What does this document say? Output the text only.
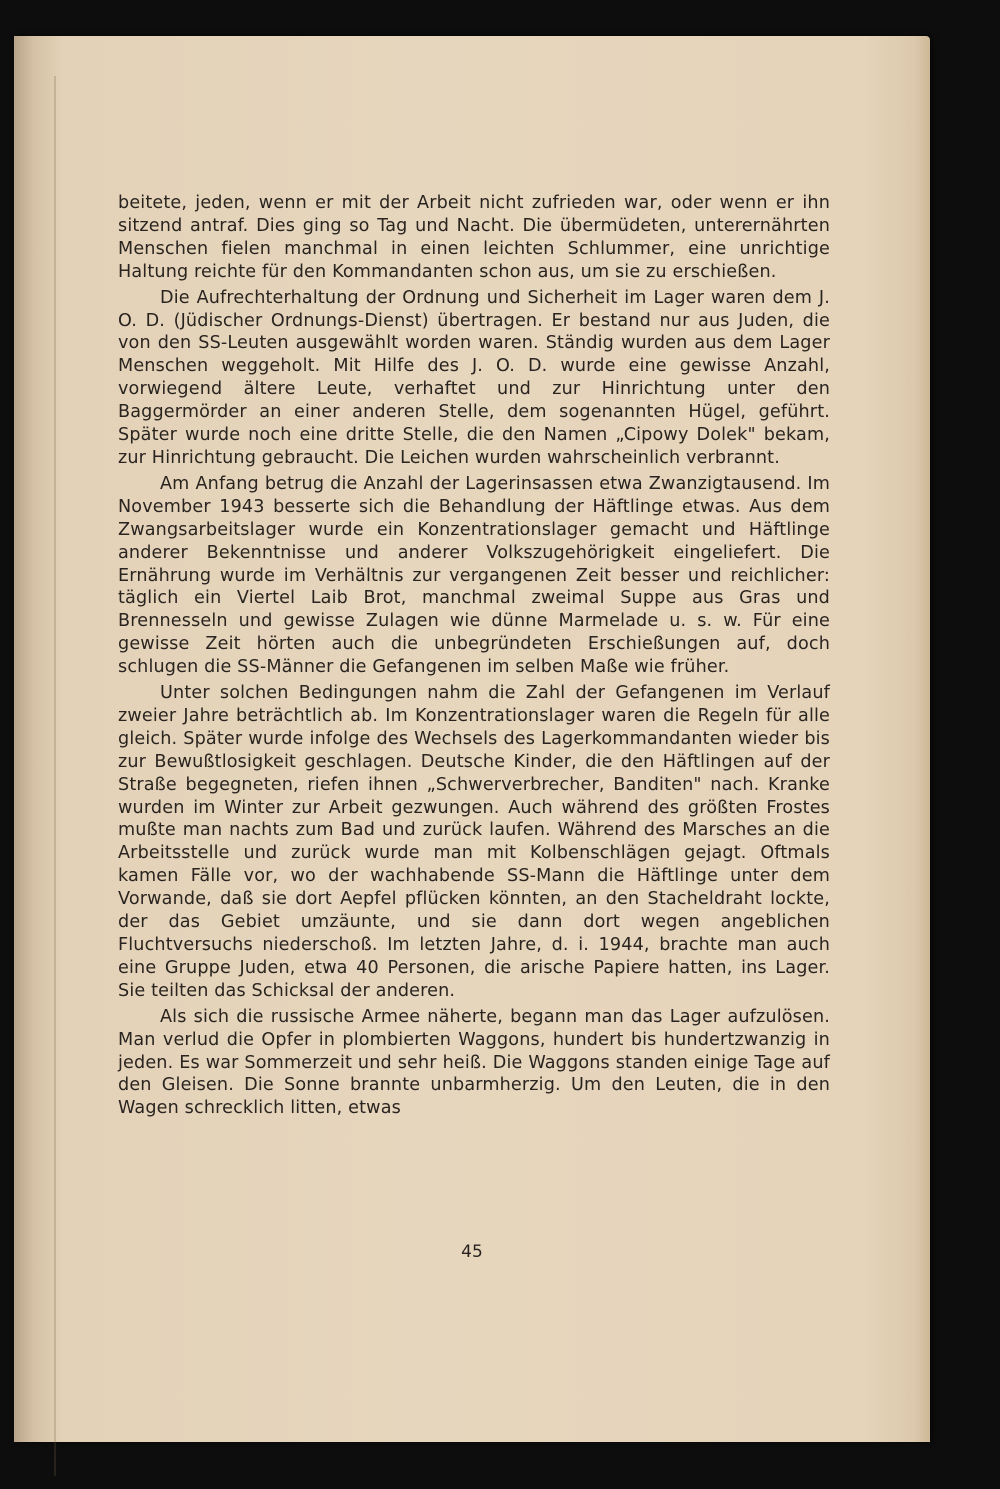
beitete, jeden, wenn er mit der Arbeit nicht zufrieden war, oder wenn er ihn sitzend antraf. Dies ging so Tag und Nacht. Die übermüdeten, unterernährten Menschen fielen manchmal in einen leichten Schlummer, eine unrichtige Haltung reichte für den Kommandanten schon aus, um sie zu erschießen.

Die Aufrechterhaltung der Ordnung und Sicherheit im Lager waren dem J. O. D. (Jüdischer Ordnungs-Dienst) übertragen. Er bestand nur aus Juden, die von den SS-Leuten ausgewählt worden waren. Ständig wurden aus dem Lager Menschen weggeholt. Mit Hilfe des J. O. D. wurde eine gewisse Anzahl, vorwiegend ältere Leute, verhaftet und zur Hinrichtung unter den Baggermörder an einer anderen Stelle, dem sogenannten Hügel, geführt. Später wurde noch eine dritte Stelle, die den Namen „Cipowy Dolek" bekam, zur Hinrichtung gebraucht. Die Leichen wurden wahrscheinlich verbrannt.

Am Anfang betrug die Anzahl der Lagerinsassen etwa Zwanzigtausend. Im November 1943 besserte sich die Behandlung der Häftlinge etwas. Aus dem Zwangsarbeitslager wurde ein Konzentrationslager gemacht und Häftlinge anderer Bekenntnisse und anderer Volkszugehörigkeit eingeliefert. Die Ernährung wurde im Verhältnis zur vergangenen Zeit besser und reichlicher: täglich ein Viertel Laib Brot, manchmal zweimal Suppe aus Gras und Brennesseln und gewisse Zulagen wie dünne Marmelade u. s. w. Für eine gewisse Zeit hörten auch die unbegründeten Erschießungen auf, doch schlugen die SS-Männer die Gefangenen im selben Maße wie früher.

Unter solchen Bedingungen nahm die Zahl der Gefangenen im Verlauf zweier Jahre beträchtlich ab. Im Konzentrationslager waren die Regeln für alle gleich. Später wurde infolge des Wechsels des Lagerkommandanten wieder bis zur Bewußtlosigkeit geschlagen. Deutsche Kinder, die den Häftlingen auf der Straße begegneten, riefen ihnen „Schwerverbrecher, Banditen" nach. Kranke wurden im Winter zur Arbeit gezwungen. Auch während des größten Frostes mußte man nachts zum Bad und zurück laufen. Während des Marsches an die Arbeitsstelle und zurück wurde man mit Kolbenschlägen gejagt. Oftmals kamen Fälle vor, wo der wachhabende SS-Mann die Häftlinge unter dem Vorwande, daß sie dort Aepfel pflücken könnten, an den Stacheldraht lockte, der das Gebiet umzäunte, und sie dann dort wegen angeblichen Fluchtversuchs niederschoß. Im letzten Jahre, d. i. 1944, brachte man auch eine Gruppe Juden, etwa 40 Personen, die arische Papiere hatten, ins Lager. Sie teilten das Schicksal der anderen.

Als sich die russische Armee näherte, begann man das Lager aufzulösen. Man verlud die Opfer in plombierten Waggons, hundert bis hundertzwanzig in jeden. Es war Sommerzeit und sehr heiß. Die Waggons standen einige Tage auf den Gleisen. Die Sonne brannte unbarmherzig. Um den Leuten, die in den Wagen schrecklich litten, etwas

45
